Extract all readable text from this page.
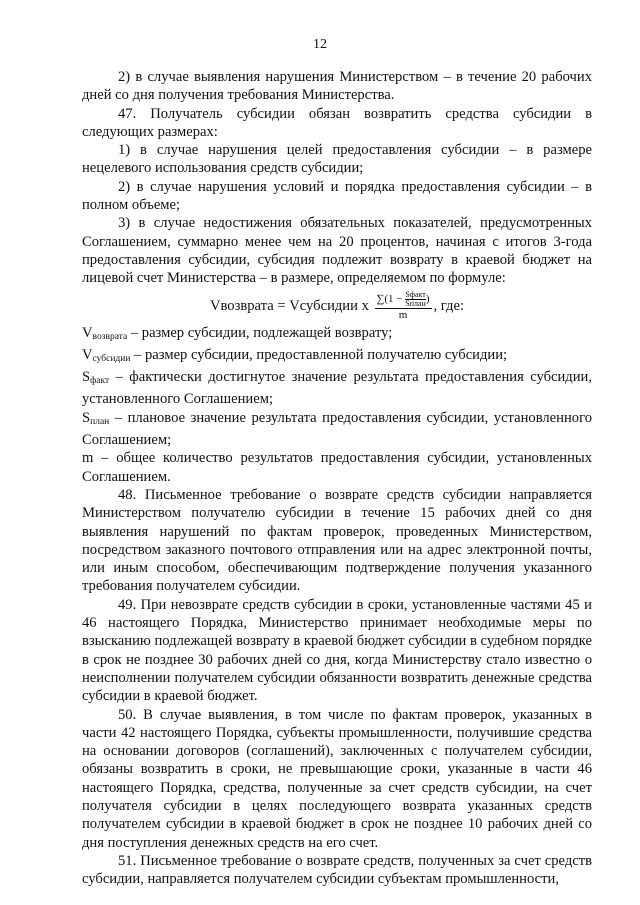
12

2) в случае выявления нарушения Министерством – в течение 20 рабочих дней со дня получения требования Министерства.

47. Получатель субсидии обязан возвратить средства субсидии в следующих размерах:

1) в случае нарушения целей предоставления субсидии – в размере нецелевого использования средств субсидии;

2) в случае нарушения условий и порядка предоставления субсидии – в полном объеме;

3) в случае недостижения обязательных показателей, предусмотренных Соглашением, суммарно менее чем на 20 процентов, начиная с итогов 3-года предоставления субсидии, субсидия подлежит возврату в краевой бюджет на лицевой счет Министерства – в размере, определяемом по формуле:

Vвозврата = Vсубсидии x $\frac{\sum(1 - \frac{\text{Sфакт}}{\text{Sплан}})}{m}$ , где:

$V_{возврата}$ – размер субсидии, подлежащей возврату;

$V_{субсидии}$ – размер субсидии, предоставленной получателю субсидии;

$S_{факт}$ – фактически достигнутое значение результата предоставления субсидии, установленного Соглашением;

$S_{план}$ – плановое значение результата предоставления субсидии, установленного Соглашением;

m – общее количество результатов предоставления субсидии, установленных Соглашением.

48. Письменное требование о возврате средств субсидии направляется Министерством получателю субсидии в течение 15 рабочих дней со дня выявления нарушений по фактам проверок, проведенных Министерством, посредством заказного почтового отправления или на адрес электронной почты, или иным способом, обеспечивающим подтверждение получения указанного требования получателем субсидии.

49. При невозврате средств субсидии в сроки, установленные частями 45 и 46 настоящего Порядка, Министерство принимает необходимые меры по взысканию подлежащей возврату в краевой бюджет субсидии в судебном порядке в срок не позднее 30 рабочих дней со дня, когда Министерству стало известно о неисполнении получателем субсидии обязанности возвратить денежные средства субсидии в краевой бюджет.

50. В случае выявления, в том числе по фактам проверок, указанных в части 42 настоящего Порядка, субъекты промышленности, получившие средства на основании договоров (соглашений), заключенных с получателем субсидии, обязаны возвратить в сроки, не превышающие сроки, указанные в части 46 настоящего Порядка, средства, полученные за счет средств субсидии, на счет получателя субсидии в целях последующего возврата указанных средств получателем субсидии в краевой бюджет в срок не позднее 10 рабочих дней со дня поступления денежных средств на его счет.

51. Письменное требование о возврате средств, полученных за счет средств субсидии, направляется получателем субсидии субъектам промышленности,
